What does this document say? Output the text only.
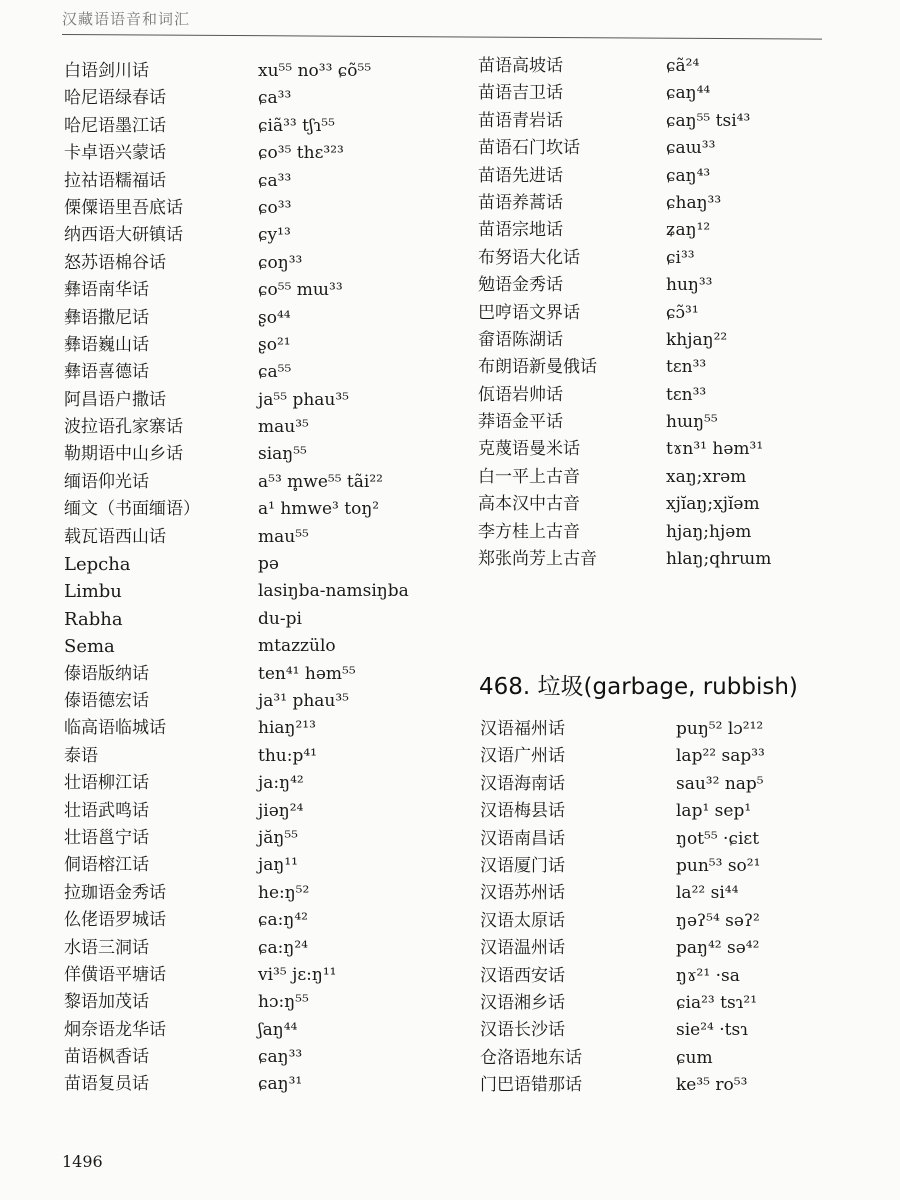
汉藏语语音和词汇
白语剑川话	xu⁵⁵ no³³ ɕõ⁵⁵
哈尼语绿春话	ɕa³³
哈尼语墨江话	ɕiã³³ tʃɿ⁵⁵
卡卓语兴蒙话	ɕo³⁵ thɛ³²³
拉祜语糯福话	ɕa³³
傈僳语里吾底话	ɕo³³
纳西语大研镇话	ɕy¹³
怒苏语棉谷话	ɕoŋ³³
彝语南华话	ɕo⁵⁵ mɯ³³
彝语撒尼话	ʂo⁴⁴
彝语巍山话	ʂo²¹
彝语喜德话	ɕa⁵⁵
阿昌语户撒话	ja⁵⁵ phau³⁵
波拉语孔家寨话	mau³⁵
勒期语中山乡话	siaŋ⁵⁵
缅语仰光话	a⁵³ m̥we⁵⁵ tãi²²
缅文（书面缅语）	a¹ hmwe³ toŋ²
载瓦语西山话	mau⁵⁵
Lepcha	pə
Limbu	lasiŋba-namsiŋba
Rabha	du-pi
Sema	mtazzülo
傣语版纳话	ten⁴¹ həm⁵⁵
傣语德宏话	ja³¹ phau³⁵
临高语临城话	hiaŋ²¹³
泰语	thu:p⁴¹
壮语柳江话	ja:ŋ⁴²
壮语武鸣话	jiəŋ²⁴
壮语邕宁话	jăŋ⁵⁵
侗语榕江话	jaŋ¹¹
拉珈语金秀话	he:ŋ⁵²
仫佬语罗城话	ɕa:ŋ⁴²
水语三洞话	ɕa:ŋ²⁴
佯僙语平塘话	vi³⁵ jɛ:ŋ¹¹
黎语加茂话	hɔ:ŋ⁵⁵
炯奈语龙华话	ʃaŋ⁴⁴
苗语枫香话	ɕaŋ³³
苗语复员话	ɕaŋ³¹
苗语高坡话	ɕã²⁴
苗语吉卫话	ɕaŋ⁴⁴
苗语青岩话	ɕaŋ⁵⁵ tsi⁴³
苗语石门坎话	ɕaɯ³³
苗语先进话	ɕaŋ⁴³
苗语养蒿话	ɕhaŋ³³
苗语宗地话	ʑaŋ¹²
布努语大化话	ɕi³³
勉语金秀话	huŋ³³
巴哼语文界话	ɕɔ̃³¹
畲语陈湖话	khjaŋ²²
布朗语新曼俄话	tɛn³³
佤语岩帅话	tɛn³³
莽语金平话	hɯŋ⁵⁵
克蔑语曼米话	tɤn³¹ həm³¹
白一平上古音	xaŋ;xrəm
高本汉中古音	xjĭaŋ;xjĭəm
李方桂上古音	hjaŋ;hjəm
郑张尚芳上古音	hlaŋ;qhrɯm
468. 垃圾(garbage, rubbish)
汉语福州话	puŋ⁵² lɔ²¹²
汉语广州话	lap²² sap³³
汉语海南话	sau³² nap⁵
汉语梅县话	lap¹ sep¹
汉语南昌话	ŋot⁵⁵ ·ɕiɛt
汉语厦门话	pun⁵³ so²¹
汉语苏州话	la²² si⁴⁴
汉语太原话	ŋəʔ⁵⁴ səʔ²
汉语温州话	paŋ⁴² sə⁴²
汉语西安话	ŋɤ²¹ ·sa
汉语湘乡话	ɕia²³ tsɿ²¹
汉语长沙话	sie²⁴ ·tsɿ
仓洛语地东话	ɕum
门巴语错那话	ke³⁵ ro⁵³
1496
